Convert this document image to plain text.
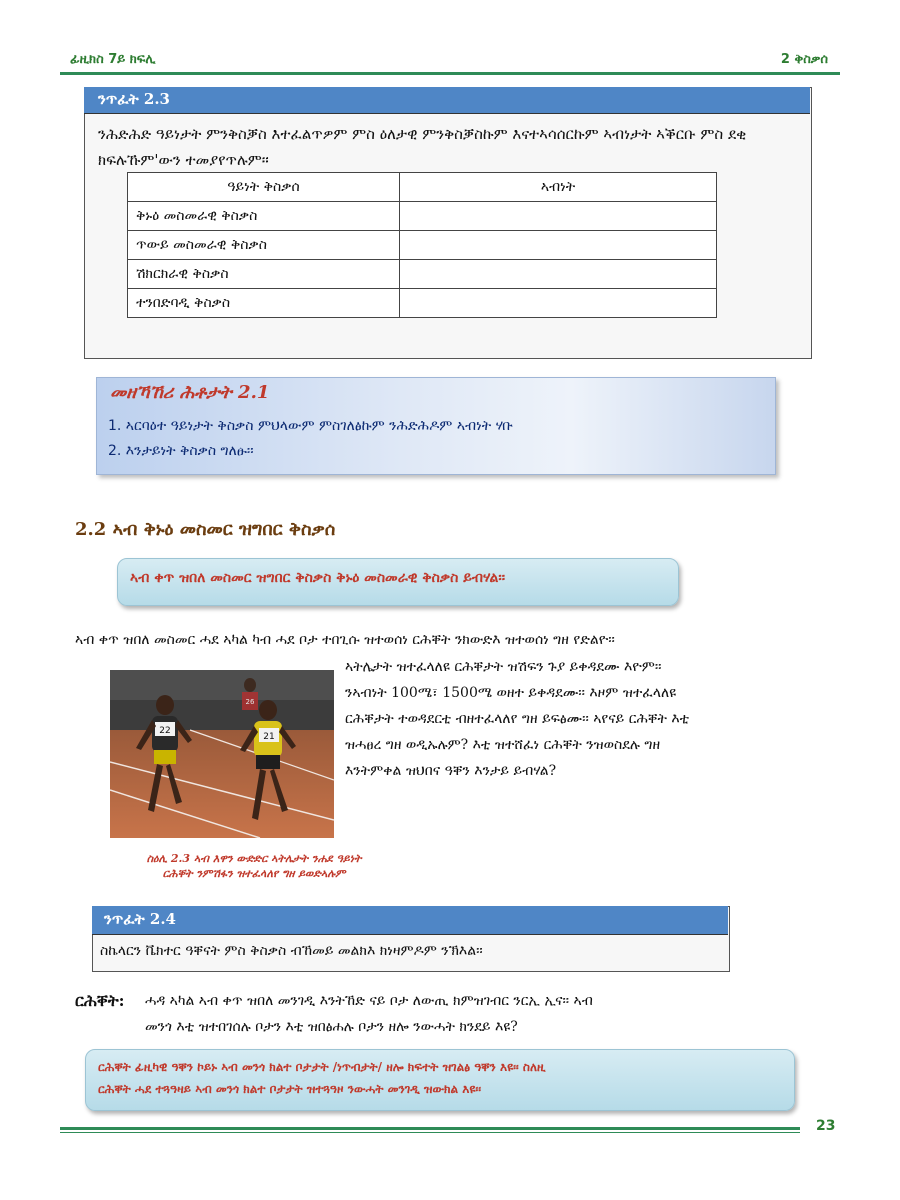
ፊዚክስ 7ይ ክፍሊ	2 ቅስቃሰ
ንጥፈት 2.3
ንሕድሕድ ዓይነታት ምንቅስቓስ እተፈልጥዎም ምስ ዕለታዊ ምንቅስቓስኩም እናተኣሳሰርኩም ኣብነታት ኣቕርቡ ምስ ደቂ ክፍሉኹም'ውን ተመያየጥሉም፡፡
ዓይነት ቅስቃሰ	ኣብነት
ቅኑዕ መስመራዊ ቅስቃስ	
ጥውይ መስመራዊ ቅስቃስ	
ሽክርክራዊ ቅስቃስ	
ተንበድባዲ ቅስቃስ	
መዘኻኸሪ ሕቶታት 2.1
1. ኣርባዕተ ዓይነታት ቅስቃስ ምህላውም ምስገለፅኩም ንሕድሕዶም ኣብነት ሃቡ
2. እንታይነት ቅስቃስ ግለፁ፡፡
2.2 ኣብ ቅኑዕ መስመር ዝግበር ቅስቃሰ
ኣብ ቀጥ ዝበለ መስመር ዝግበር ቅስቃስ ቅኑዕ መስመራዊ ቅስቃስ ይብሃል፡፡
ኣብ ቀጥ ዝበለ መስመር ሓደ ኣካል ካብ ሓደ ቦታ ተበጊሱ ዝተወሰነ ርሕቐት ንክውድእ ዝተወሰነ ግዘ የድልዮ፡፡
ኣትሌታት ዝተፈላለዩ ርሕቐታት ዝሽፍን ጉያ ይቀዳደሙ እዮም፡፡
ንኣብነት 100ሜ፣ 1500ሜ ወዘተ ይቀዳደሙ፡፡ እዞም ዝተፈላለዩ
ርሕቐታት ተወዳደርቲ ብዘተፈላለየ ግዘ ይፍፅሙ፡፡ ኣየናይ ርሕቐት እቲ
ዝሓፀረ ግዘ ወዲኡሉም? እቲ ዝተሸፈነ ርሕቐት ንዝወስደሉ ግዘ
እንትምቀል ዝህበና ዓቐን እንታይ ይብሃል?
22
21
26
ስዕሊ 2.3 ኣብ እዋን ውድድር ኣትሌታት ንሐደ ዓይነት
ርሕቐት ንምሽፋን ዝተፈላለየ ግዘ ይወድኣሉም
ንጥፈት 2.4
ስኬላርን ቬክተር ዓቐናት ምስ ቅስቃስ ብኸመይ መልክእ ክነዛምዶም ንኽእል፡፡
ርሕቐት: ሓዳ ኣካል ኣብ ቀጥ ዝበለ መንገዲ እንትኸድ ናይ ቦታ ለውጢ ክምዝገብር ንርኢ ኢና፡፡ ኣብ
መንጎ እቲ ዝተበገሰሉ ቦታን እቲ ዝበፅሐሉ ቦታን ዘሎ ንውሓት ክንደይ እዩ?
ርሕቐት ፊዚካዊ ዓቐን ኮይኑ ኣብ መንጎ ክልተ ቦታታት /ነጥብታት/ ዘሎ ክፍተት ዝገልፅ ዓቐን እዩ፡፡ ስለዚ
ርሕቐት ሓደ ተጓዓዛይ ኣብ መንጎ ክልተ ቦታታት ዝተጓዓዞ ንውሓት መንገዲ ዝውክል እዩ፡፡
23
